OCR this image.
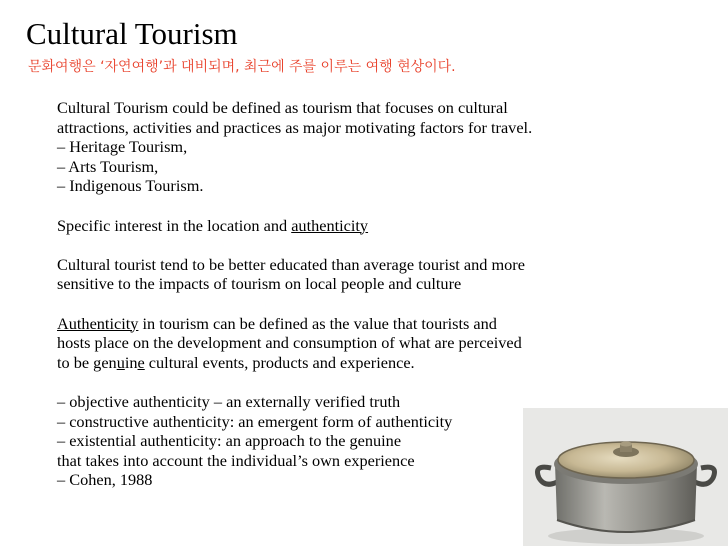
Cultural Tourism
문화여행은 ‘자연여행’과 대비되며, 최근에 주를 이루는 여행 현상이다.
Cultural Tourism could be defined as tourism that focuses on cultural
attractions, activities and practices as major motivating factors for travel.
– Heritage Tourism,
– Arts Tourism,
– Indigenous Tourism.
Specific interest in the location and authenticity
Cultural tourist tend to be better educated than average tourist and more
sensitive to the impacts of tourism on local people and culture
Authenticity in tourism can be defined as the value that tourists and
hosts place on the development and consumption of what are perceived
to be genuine cultural events, products and experience.
– objective authenticity – an externally verified truth
– constructive authenticity: an emergent form of authenticity
– existential authenticity: an approach to the genuine
that takes into account the individual’s own experience
– Cohen, 1988
